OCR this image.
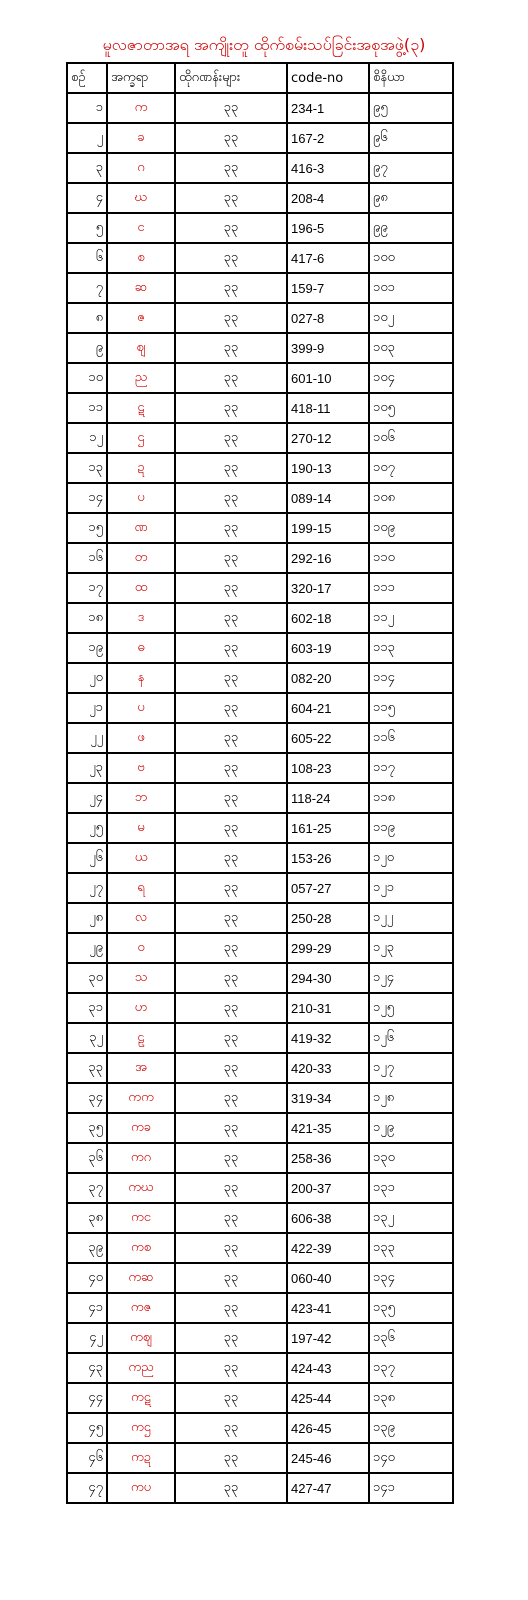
မူလဇာတာအရ အကျိုးတူ ထိုက်စမ်းသပ်ခြင်းအစုအဖွဲ့(၃)
စဉ်	အက္ခရာ	ထိုဂဏန်းများ	code-no	စိနိယာ
၁	က	၃၃	234-1	၉၅
၂	ခ	၃၃	167-2	၉၆
၃	ဂ	၃၃	416-3	၉၇
၄	ဃ	၃၃	208-4	၉၈
၅	င	၃၃	196-5	၉၉
၆	စ	၃၃	417-6	၁၀၀
၇	ဆ	၃၃	159-7	၁၀၁
၈	ဇ	၃၃	027-8	၁၀၂
၉	ဈ	၃၃	399-9	၁၀၃
၁၀	ည	၃၃	601-10	၁၀၄
၁၁	ဋ	၃၃	418-11	၁၀၅
၁၂	ဌ	၃၃	270-12	၁၀၆
၁၃	ဍ	၃၃	190-13	၁၀၇
၁၄	ပ	၃၃	089-14	၁၀၈
၁၅	ဏ	၃၃	199-15	၁၀၉
၁၆	တ	၃၃	292-16	၁၁၀
၁၇	ထ	၃၃	320-17	၁၁၁
၁၈	ဒ	၃၃	602-18	၁၁၂
၁၉	ဓ	၃၃	603-19	၁၁၃
၂၀	န	၃၃	082-20	၁၁၄
၂၁	ပ	၃၃	604-21	၁၁၅
၂၂	ဖ	၃၃	605-22	၁၁၆
၂၃	ဗ	၃၃	108-23	၁၁၇
၂၄	ဘ	၃၃	118-24	၁၁၈
၂၅	မ	၃၃	161-25	၁၁၉
၂၆	ယ	၃၃	153-26	၁၂၀
၂၇	ရ	၃၃	057-27	၁၂၁
၂၈	လ	၃၃	250-28	၁၂၂
၂၉	ဝ	၃၃	299-29	၁၂၃
၃၀	သ	၃၃	294-30	၁၂၄
၃၁	ဟ	၃၃	210-31	၁၂၅
၃၂	ဠ	၃၃	419-32	၁၂၆
၃၃	အ	၃၃	420-33	၁၂၇
၃၄	ကက	၃၃	319-34	၁၂၈
၃၅	ကခ	၃၃	421-35	၁၂၉
၃၆	ကဂ	၃၃	258-36	၁၃၀
၃၇	ကဃ	၃၃	200-37	၁၃၁
၃၈	ကင	၃၃	606-38	၁၃၂
၃၉	ကစ	၃၃	422-39	၁၃၃
၄၀	ကဆ	၃၃	060-40	၁၃၄
၄၁	ကဇ	၃၃	423-41	၁၃၅
၄၂	ကဈ	၃၃	197-42	၁၃၆
၄၃	ကည	၃၃	424-43	၁၃၇
၄၄	ကဋ	၃၃	425-44	၁၃၈
၄၅	ကဌ	၃၃	426-45	၁၃၉
၄၆	ကဍ	၃၃	245-46	၁၄၀
၄၇	ကပ	၃၃	427-47	၁၄၁
